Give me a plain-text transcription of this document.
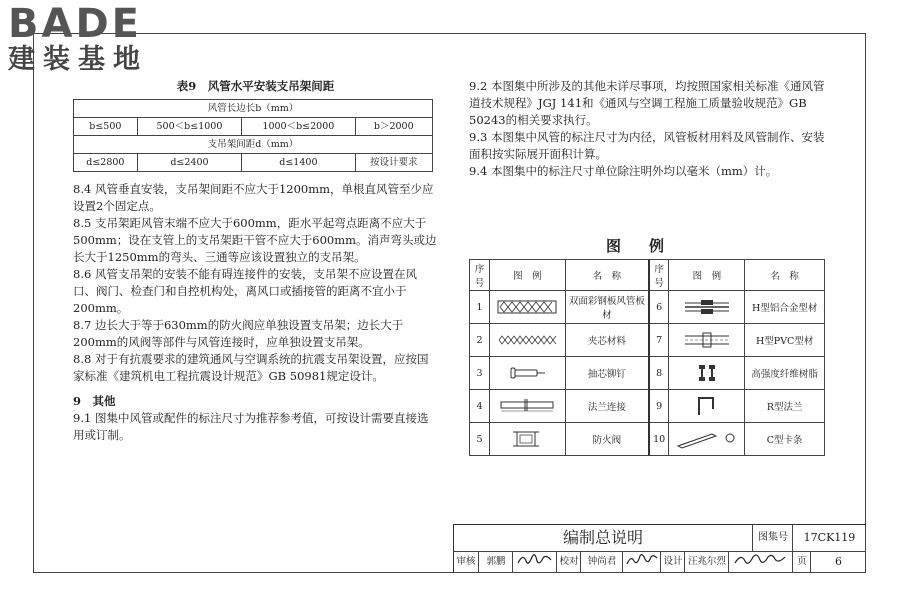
BADE
建装基地
表9　风管水平安装支吊架间距
风管长边长b（mm）			
b≤500	500＜b≤1000	1000＜b≤2000	b＞2000
支吊架间距d（mm）			
d≤2800	d≤2400	d≤1400	按设计要求

8.4 风管垂直安装，支吊架间距不应大于1200mm，单根直风管至少应设置2个固定点。

8.5 支吊架距风管末端不应大于600mm，距水平起弯点距离不应大于500mm；设在支管上的支吊架距干管不应大于600mm。消声弯头或边长大于1250mm的弯头、三通等应该设置独立的支吊架。

8.6 风管支吊架的安装不能有碍连接件的安装，支吊架不应设置在风口、阀门、检查门和自控机构处，离风口或插接管的距离不宜小于200mm。

8.7 边长大于等于630mm的防火阀应单独设置支吊架；边长大于200mm的风阀等部件与风管连接时，应单独设置支吊架。

8.8 对于有抗震要求的建筑通风与空调系统的抗震支吊架设置，应按国家标准《建筑机电工程抗震设计规范》GB 50981规定设计。

9　其他

9.1 图集中风管或配件的标注尺寸为推荐参考值，可按设计需要直接选用或订制。

9.2 本图集中所涉及的其他未详尽事项，均按照国家相关标准《通风管道技术规程》JGJ 141和《通风与空调工程施工质量验收规范》GB 50243的相关要求执行。

9.3 本图集中风管的标注尺寸为内径，风管板材用料及风管制作、安装面积按实际展开面积计算。

9.4 本图集中的标注尺寸单位除注明外均以毫米（mm）计。

图例
序号	图　例	名　称	序号	图　例	名　称
1		双面彩钢板风管板材	6		H型铝合金型材
2		夹芯材料	7		H型PVC型材
3		抽芯铆钉	8		高强度纤维树脂
4		法兰连接	9		R型法兰
5		防火阀	10		C型卡条
编制总说明	图集号	17CK119
审核	郭鹏	校对 钟尚君	设计 汪兆尔烈	页	6
